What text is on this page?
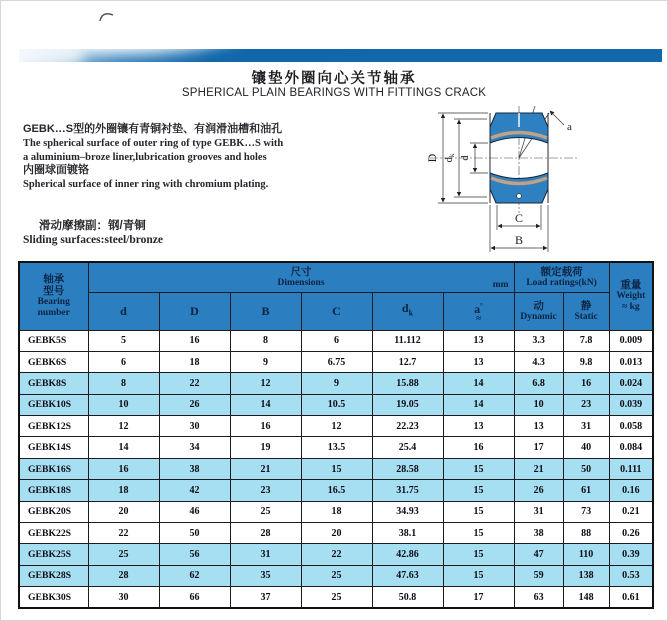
镶垫外圈向心关节轴承
SPHERICAL PLAIN BEARINGS WITH FITTINGS CRACK
GEBK…S型的外圈镶有青铜衬垫、有润滑油槽和油孔
The spherical surface of outer ring of type GEBK…S with
a aluminium–broze liner,lubrication grooves and holes
内圈球面镀铬
Spherical surface of inner ring with chromium plating.
滑动摩擦副：钢/青铜
Sliding surfaces:steel/bronze
a
D dk d
C
B
轴承
型号
Bearing
number

尺寸
Dimensions	mm

额定载荷
Load ratings(kN)	重量
Weight
≈ kg

d	D	B	C	$d_k$	a°
≈

动
Dynamic

静
Static

GEBK5S	5	16	8	6	11.112	13	3.3	7.8	0.009
GEBK6S	6	18	9	6.75	12.7	13	4.3	9.8	0.013
GEBK8S	8	22	12	9	15.88	14	6.8	16	0.024
GEBK10S	10	26	14	10.5	19.05	14	10	23	0.039
GEBK12S	12	30	16	12	22.23	13	13	31	0.058
GEBK14S	14	34	19	13.5	25.4	16	17	40	0.084
GEBK16S	16	38	21	15	28.58	15	21	50	0.111
GEBK18S	18	42	23	16.5	31.75	15	26	61	0.16
GEBK20S	20	46	25	18	34.93	15	31	73	0.21
GEBK22S	22	50	28	20	38.1	15	38	88	0.26
GEBK25S	25	56	31	22	42.86	15	47	110	0.39
GEBK28S	28	62	35	25	47.63	15	59	138	0.53
GEBK30S	30	66	37	25	50.8	17	63	148	0.61
